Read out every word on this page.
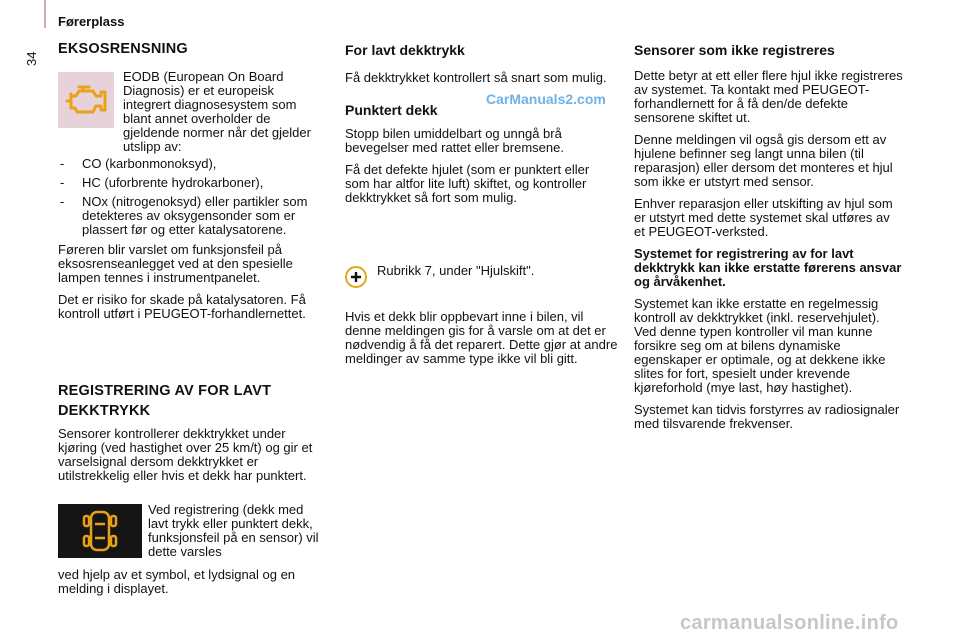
Førerplass
34
EKSOSRENSNING

EODB (European On Board Diagnosis) er et europeisk integrert diagnosesystem som blant annet overholder de gjeldende normer når det gjelder utslipp av:

- CO (karbonmonoksyd),
- HC (uforbrente hydrokarboner),
- NOx (nitrogenoksyd) eller partikler som detekteres av oksygensonder som er plassert før og etter katalysatorene.

Føreren blir varslet om funksjonsfeil på eksosrenseanlegget ved at den spesielle lampen tennes i instrumentpanelet.

Det er risiko for skade på katalysatoren. Få kontroll utført i PEUGEOT-forhandlernettet.

REGISTRERING AV FOR LAVT
DEKKTRYKK

Sensorer kontrollerer dekktrykket under kjøring (ved hastighet over 25 km/t) og gir et varselsignal dersom dekktrykket er utilstrekkelig eller hvis et dekk har punktert.

Ved registrering (dekk med lavt trykk eller punktert dekk, funksjonsfeil på en sensor) vil dette varsles

ved hjelp av et symbol, et lydsignal og en melding i displayet.

For lavt dekktrykk

Få dekktrykket kontrollert så snart som mulig.

Punktert dekk

Stopp bilen umiddelbart og unngå brå bevegelser med rattet eller bremsene.

Få det defekte hjulet (som er punktert eller som har altfor lite luft) skiftet, og kontroller dekktrykket så fort som mulig.

CarManuals2.com

Rubrikk 7, under "Hjulskift".

Hvis et dekk blir oppbevart inne i bilen, vil denne meldingen gis for å varsle om at det er nødvendig å få det reparert. Dette gjør at andre meldinger av samme type ikke vil bli gitt.

Sensorer som ikke registreres

Dette betyr at ett eller flere hjul ikke registreres av systemet. Ta kontakt med PEUGEOT-forhandlernett for å få den/de defekte sensorene skiftet ut.

Denne meldingen vil også gis dersom ett av hjulene befinner seg langt unna bilen (til reparasjon) eller dersom det monteres et hjul som ikke er utstyrt med sensor.

Enhver reparasjon eller utskifting av hjul som er utstyrt med dette systemet skal utføres av et PEUGEOT-verksted.

Systemet for registrering av for lavt dekktrykk kan ikke erstatte førerens ansvar og årvåkenhet.

Systemet kan ikke erstatte en regelmessig kontroll av dekktrykket (inkl. reservehjulet). Ved denne typen kontroller vil man kunne forsikre seg om at bilens dynamiske egenskaper er optimale, og at dekkene ikke slites for fort, spesielt under krevende kjøreforhold (mye last, høy hastighet).

Systemet kan tidvis forstyrres av radiosignaler med tilsvarende frekvenser.

carmanualsonline.info
